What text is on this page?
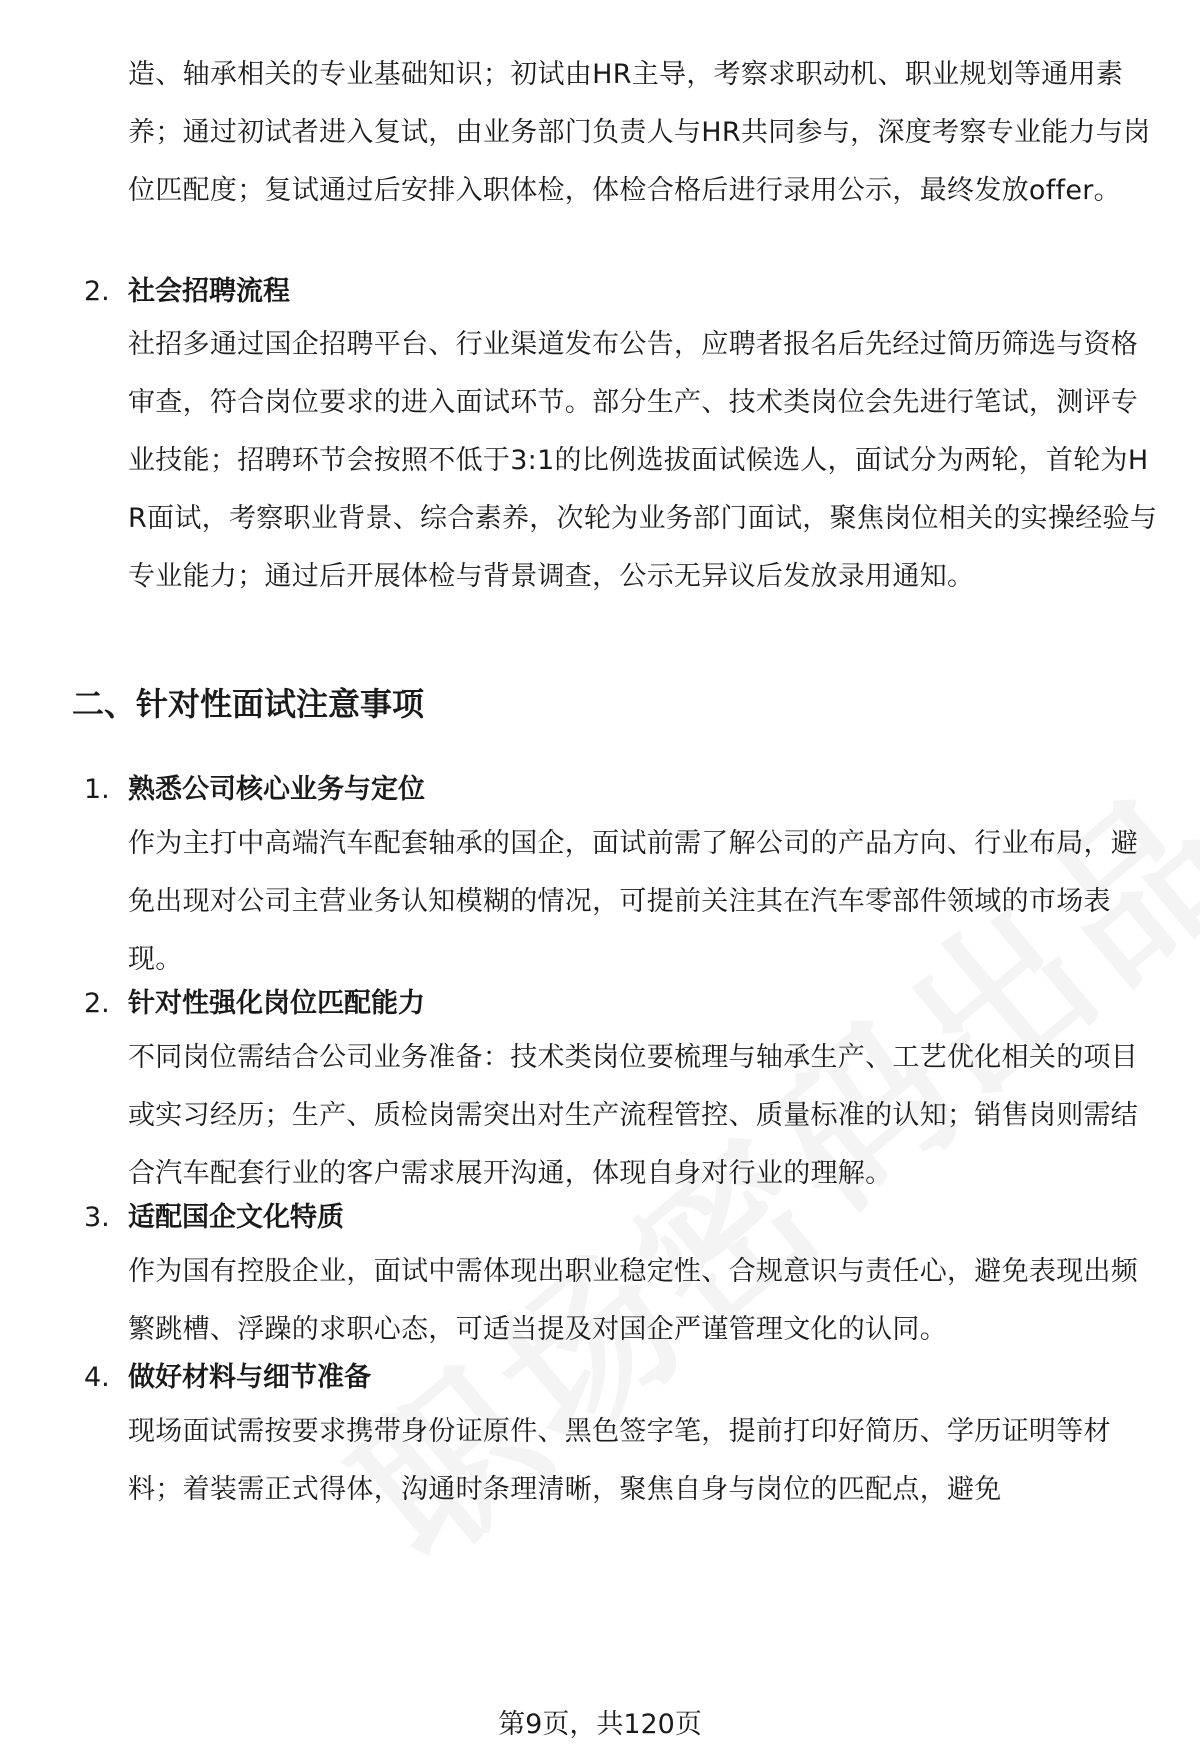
造、轴承相关的专业基础知识；初试由HR主导，考察求职动机、职业规划等通用素养；通过初试者进入复试，由业务部门负责人与HR共同参与，深度考察专业能力与岗位匹配度；复试通过后安排入职体检，体检合格后进行录用公示，最终发放offer。

2. 社会招聘流程

社招多通过国企招聘平台、行业渠道发布公告，应聘者报名后先经过简历筛选与资格审查，符合岗位要求的进入面试环节。部分生产、技术类岗位会先进行笔试，测评专业技能；招聘环节会按照不低于3:1的比例选拔面试候选人，面试分为两轮，首轮为HR面试，考察职业背景、综合素养，次轮为业务部门面试，聚焦岗位相关的实操经验与专业能力；通过后开展体检与背景调查，公示无异议后发放录用通知。

二、针对性面试注意事项
1. 熟悉公司核心业务与定位

作为主打中高端汽车配套轴承的国企，面试前需了解公司的产品方向、行业布局，避免出现对公司主营业务认知模糊的情况，可提前关注其在汽车零部件领域的市场表现。

2. 针对性强化岗位匹配能力

不同岗位需结合公司业务准备：技术类岗位要梳理与轴承生产、工艺优化相关的项目或实习经历；生产、质检岗需突出对生产流程管控、质量标准的认知；销售岗则需结合汽车配套行业的客户需求展开沟通，体现自身对行业的理解。

3. 适配国企文化特质

作为国有控股企业，面试中需体现出职业稳定性、合规意识与责任心，避免表现出频繁跳槽、浮躁的求职心态，可适当提及对国企严谨管理文化的认同。

4. 做好材料与细节准备

现场面试需按要求携带身份证原件、黑色签字笔，提前打印好简历、学历证明等材料；着装需正式得体，沟通时条理清晰，聚焦自身与岗位的匹配点，避免

第9页，共120页
